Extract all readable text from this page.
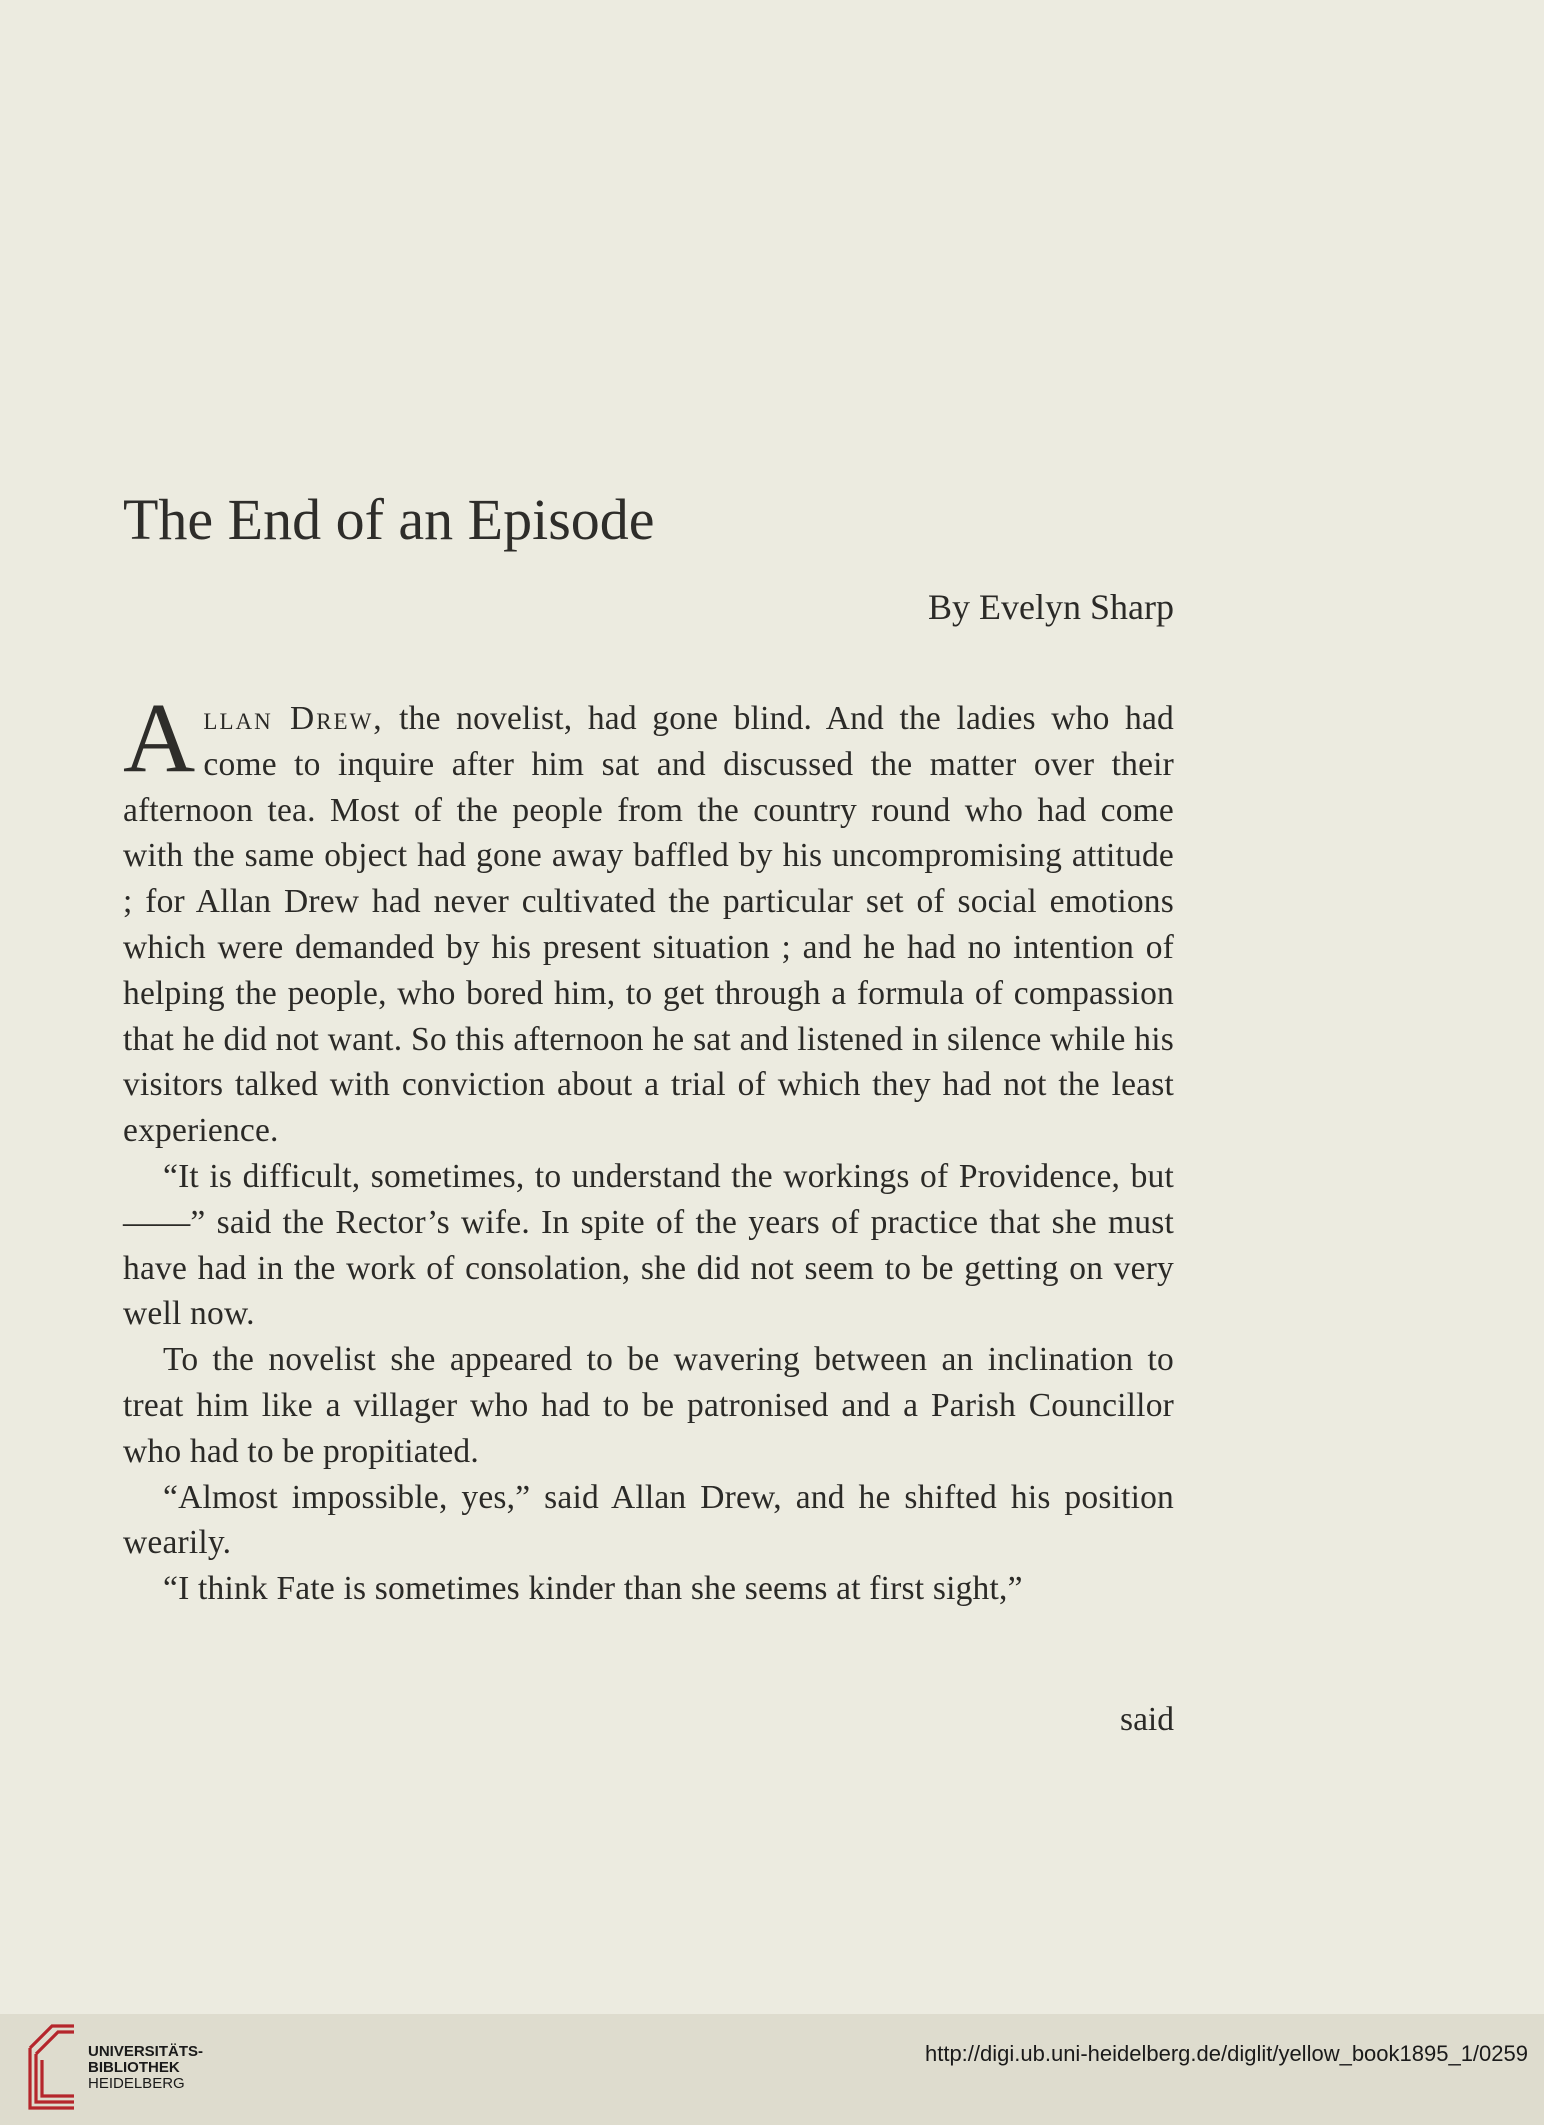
The End of an Episode
By Evelyn Sharp

Allan Drew, the novelist, had gone blind. And the ladies who had come to inquire after him sat and discussed the matter over their afternoon tea. Most of the people from the country round who had come with the same object had gone away baffled by his uncompromising attitude ; for Allan Drew had never cultivated the particular set of social emotions which were demanded by his present situation ; and he had no intention of helping the people, who bored him, to get through a formula of compassion that he did not want. So this afternoon he sat and listened in silence while his visitors talked with conviction about a trial of which they had not the least experience.

“It is difficult, sometimes, to understand the workings of Providence, but——” said the Rector’s wife. In spite of the years of practice that she must have had in the work of consolation, she did not seem to be getting on very well now.

To the novelist she appeared to be wavering between an inclination to treat him like a villager who had to be patronised and a Parish Councillor who had to be propitiated.

“Almost impossible, yes,” said Allan Drew, and he shifted his position wearily.

“I think Fate is sometimes kinder than she seems at first sight,”

said
UNIVERSITÄTS-
BIBLIOTHEK
HEIDELBERG
http://digi.ub.uni-heidelberg.de/diglit/yellow_book1895_1/0259
